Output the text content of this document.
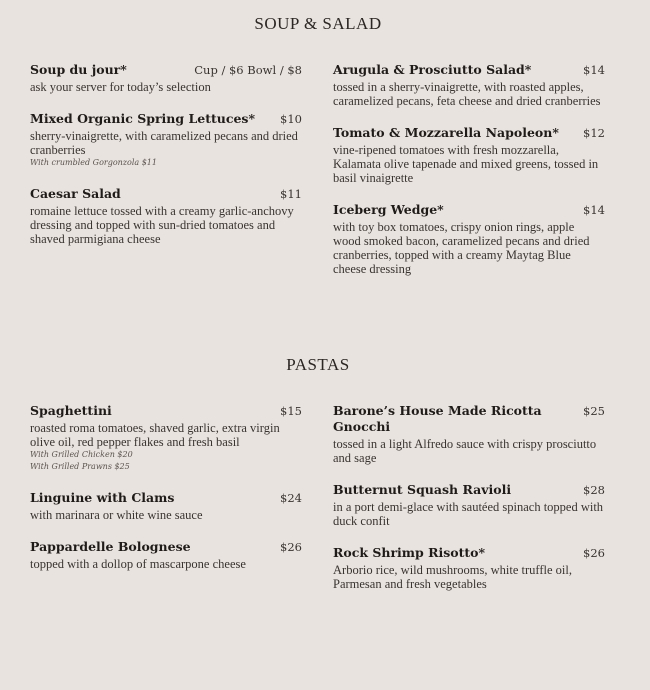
SOUP & SALAD
Soup du jour*	Cup / $6 Bowl / $8
ask your server for today’s selection
Mixed Organic Spring Lettuces*	$10
sherry-vinaigrette, with caramelized pecans and dried cranberries
With crumbled Gorgonzola $11
Caesar Salad	$11
romaine lettuce tossed with a creamy garlic-anchovy dressing and topped with sun-dried tomatoes and shaved parmigiana cheese
Arugula & Prosciutto Salad*	$14
tossed in a sherry-vinaigrette, with roasted apples, caramelized pecans, feta cheese and dried cranberries
Tomato & Mozzarella Napoleon*	$12
vine-ripened tomatoes with fresh mozzarella, Kalamata olive tapenade and mixed greens, tossed in basil vinaigrette
Iceberg Wedge*	$14
with toy box tomatoes, crispy onion rings, apple wood smoked bacon, caramelized pecans and dried cranberries, topped with a creamy Maytag Blue cheese dressing
PASTAS
Spaghettini	$15
roasted roma tomatoes, shaved garlic, extra virgin olive oil, red pepper flakes and fresh basil
With Grilled Chicken $20
With Grilled Prawns $25
Linguine with Clams	$24
with marinara or white wine sauce
Pappardelle Bolognese	$26
topped with a dollop of mascarpone cheese
Barone’s House Made Ricotta Gnocchi
$25
tossed in a light Alfredo sauce with crispy prosciutto and sage
Butternut Squash Ravioli	$28
in a port demi-glace with sautéed spinach topped with duck confit
Rock Shrimp Risotto*	$26
Arborio rice, wild mushrooms, white truffle oil, Parmesan and fresh vegetables
